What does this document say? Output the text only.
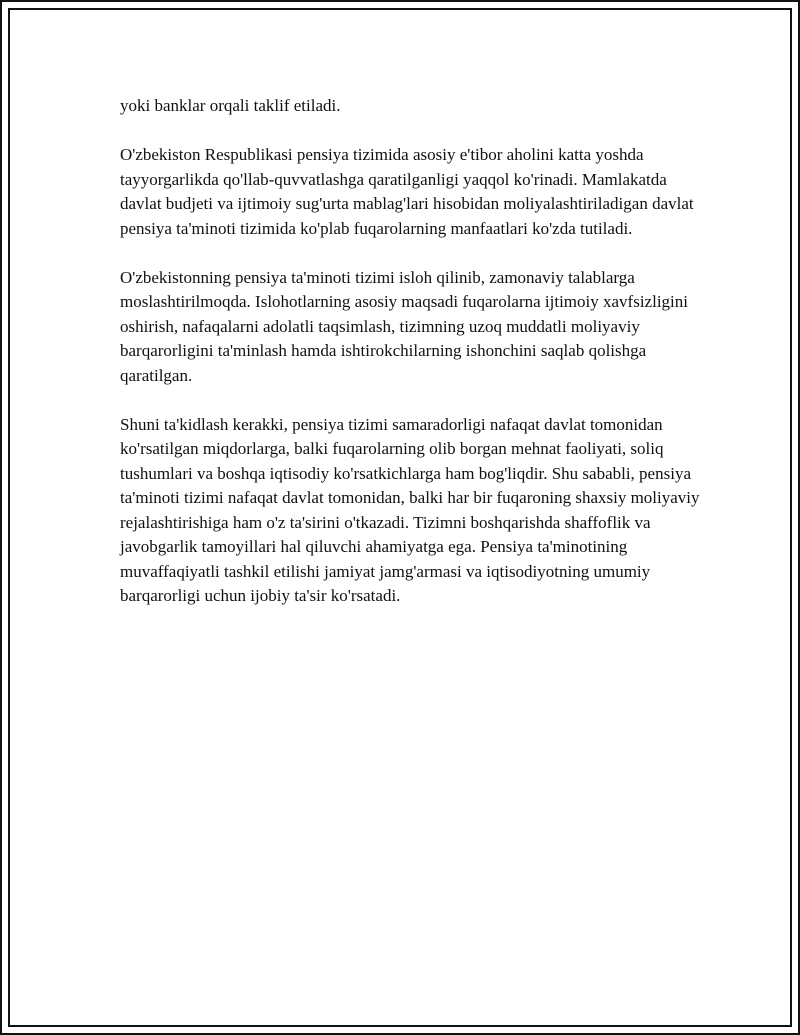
yoki banklar orqali taklif etiladi.

O'zbekiston Respublikasi pensiya tizimida asosiy e'tibor aholini katta yoshda tayyorgarlikda qo'llab-quvvatlashga qaratilganligi yaqqol ko'rinadi. Mamlakatda davlat budjeti va ijtimoiy sug'urta mablag'lari hisobidan moliyalashtiriladigan davlat pensiya ta'minoti tizimida ko'plab fuqarolarning manfaatlari ko'zda tutiladi.

O'zbekistonning pensiya ta'minoti tizimi isloh qilinib, zamonaviy talablarga moslashtirilmoqda. Islohotlarning asosiy maqsadi fuqarolarna ijtimoiy xavfsizligini oshirish, nafaqalarni adolatli taqsimlash, tizimning uzoq muddatli moliyaviy barqarorligini ta'minlash hamda ishtirokchilarning ishonchini saqlab qolishga qaratilgan.

Shuni ta'kidlash kerakki, pensiya tizimi samaradorligi nafaqat davlat tomonidan ko'rsatilgan miqdorlarga, balki fuqarolarning olib borgan mehnat faoliyati, soliq tushumlari va boshqa iqtisodiy ko'rsatkichlarga ham bog'liqdir. Shu sababli, pensiya ta'minoti tizimi nafaqat davlat tomonidan, balki har bir fuqaroning shaxsiy moliyaviy rejalashtirishiga ham o'z ta'sirini o'tkazadi. Tizimni boshqarishda shaffoflik va javobgarlik tamoyillari hal qiluvchi ahamiyatga ega. Pensiya ta'minotining muvaffaqiyatli tashkil etilishi jamiyat jamg'armasi va iqtisodiyotning umumiy barqarorligi uchun ijobiy ta'sir ko'rsatadi.
